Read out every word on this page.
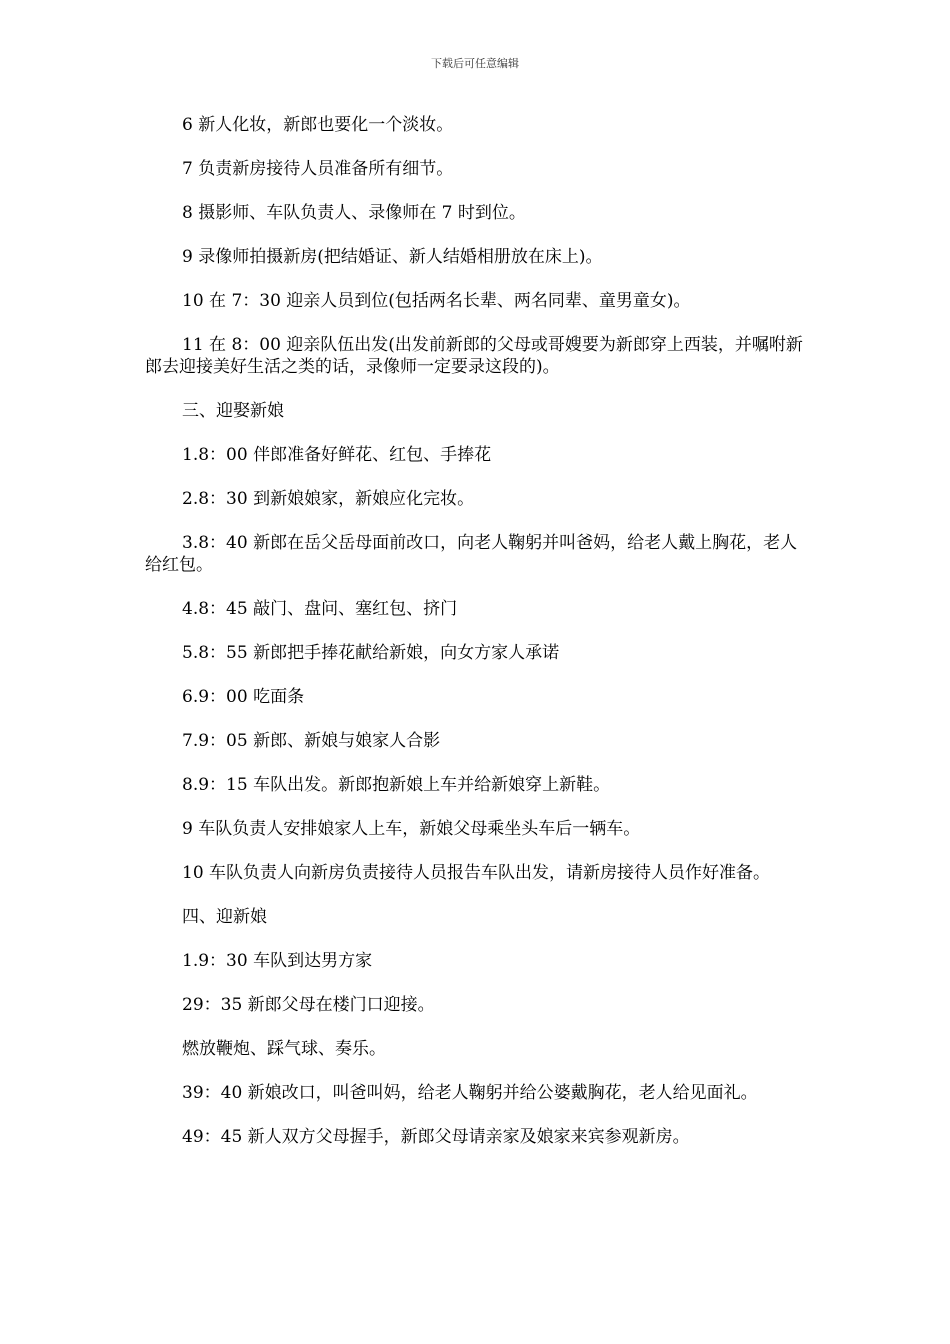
下载后可任意编辑

6 新人化妆，新郎也要化一个淡妆。

7 负责新房接待人员准备所有细节。

8 摄影师、车队负责人、录像师在 7 时到位。

9 录像师拍摄新房(把结婚证、新人结婚相册放在床上)。

10 在 7：30 迎亲人员到位(包括两名长辈、两名同辈、童男童女)。

11 在 8：00 迎亲队伍出发(出发前新郎的父母或哥嫂要为新郎穿上西装，并嘱咐新郎去迎接美好生活之类的话，录像师一定要录这段的)。

三、迎娶新娘

1.8：00 伴郎准备好鲜花、红包、手捧花

2.8：30 到新娘娘家，新娘应化完妆。

3.8：40 新郎在岳父岳母面前改口，向老人鞠躬并叫爸妈，给老人戴上胸花，老人给红包。

4.8：45 敲门、盘问、塞红包、挤门

5.8：55 新郎把手捧花献给新娘，向女方家人承诺

6.9：00 吃面条

7.9：05 新郎、新娘与娘家人合影

8.9：15 车队出发。新郎抱新娘上车并给新娘穿上新鞋。

9 车队负责人安排娘家人上车，新娘父母乘坐头车后一辆车。

10 车队负责人向新房负责接待人员报告车队出发，请新房接待人员作好准备。

四、迎新娘

1.9：30 车队到达男方家

29：35 新郎父母在楼门口迎接。

燃放鞭炮、踩气球、奏乐。

39：40 新娘改口，叫爸叫妈，给老人鞠躬并给公婆戴胸花，老人给见面礼。

49：45 新人双方父母握手，新郎父母请亲家及娘家来宾参观新房。
